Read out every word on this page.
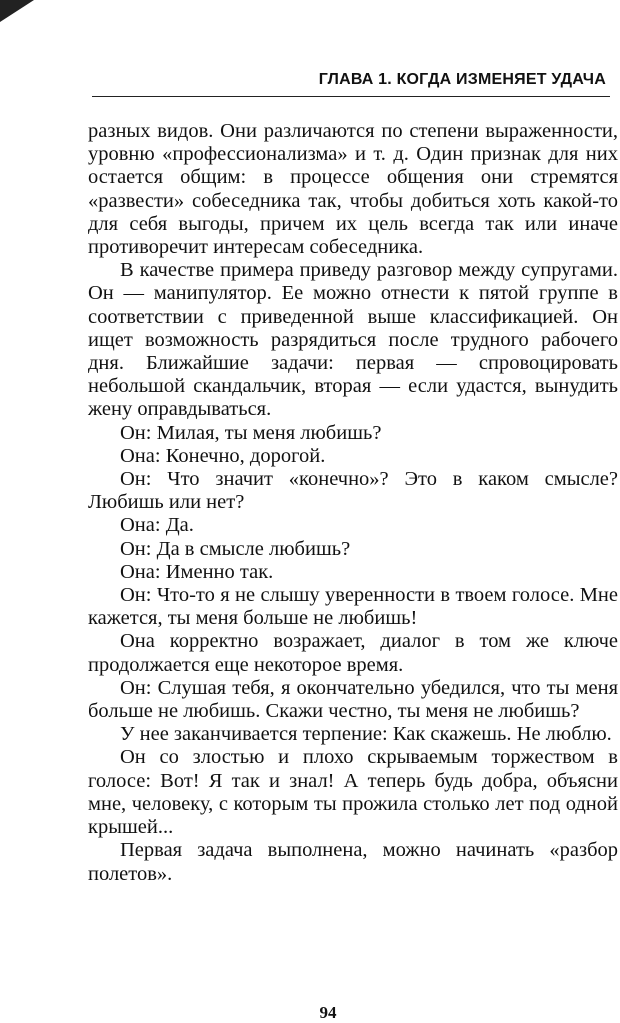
ГЛАВА 1. КОГДА ИЗМЕНЯЕТ УДАЧА

разных видов. Они различаются по степени выраженности, уровню «профессионализма» и т. д. Один признак для них остается общим: в процессе общения они стремятся «развести» собеседника так, чтобы добиться хоть какой-то для себя выгоды, причем их цель всегда так или иначе противоречит интересам собеседника.

В качестве примера приведу разговор между супругами. Он — манипулятор. Ее можно отнести к пятой группе в соответствии с приведенной выше классификацией. Он ищет возможность разрядиться после трудного рабочего дня. Ближайшие задачи: первая — спровоцировать небольшой скандальчик, вторая — если удастся, вынудить жену оправдываться.

Он: Милая, ты меня любишь?

Она: Конечно, дорогой.

Он: Что значит «конечно»? Это в каком смысле? Любишь или нет?

Она: Да.

Он: Да в смысле любишь?

Она: Именно так.

Он: Что-то я не слышу уверенности в твоем голосе. Мне кажется, ты меня больше не любишь!

Она корректно возражает, диалог в том же ключе продолжается еще некоторое время.

Он: Слушая тебя, я окончательно убедился, что ты меня больше не любишь. Скажи честно, ты меня не любишь?

У нее заканчивается терпение: Как скажешь. Не люблю.

Он со злостью и плохо скрываемым торжеством в голосе: Вот! Я так и знал! А теперь будь добра, объясни мне, человеку, с которым ты прожила столько лет под одной крышей...

Первая задача выполнена, можно начинать «разбор полетов».

94
